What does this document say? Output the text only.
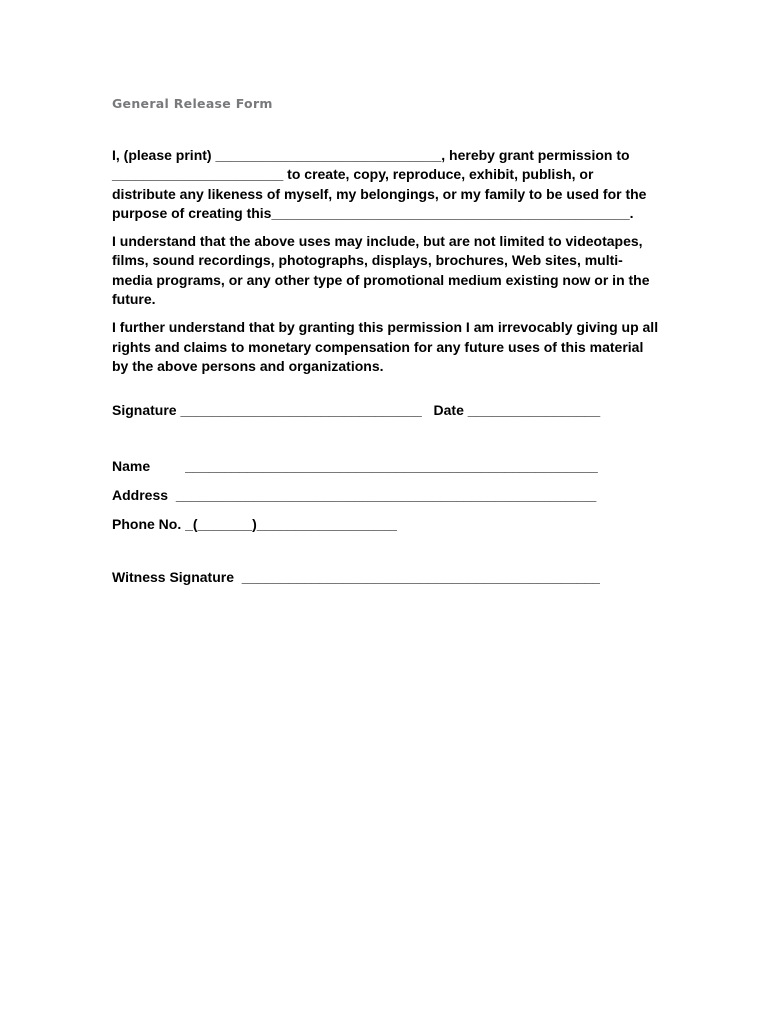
General Release Form
I, (please print) _____________________________, hereby grant permission to
______________________ to create, copy, reproduce, exhibit, publish, or
distribute any likeness of myself, my belongings, or my family to be used for the
purpose of creating this______________________________________________.
I understand that the above uses may include, but are not limited to videotapes,
films, sound recordings, photographs, displays, brochures, Web sites, multi-
media programs, or any other type of promotional medium existing now or in the
future.
I further understand that by granting this permission I am irrevocably giving up all
rights and claims to monetary compensation for any future uses of this material
by the above persons and organizations.
Signature _______________________________   Date _________________
Name         _____________________________________________________
Address  ______________________________________________________
Phone No. _(_______)__________________
Witness Signature  ______________________________________________
